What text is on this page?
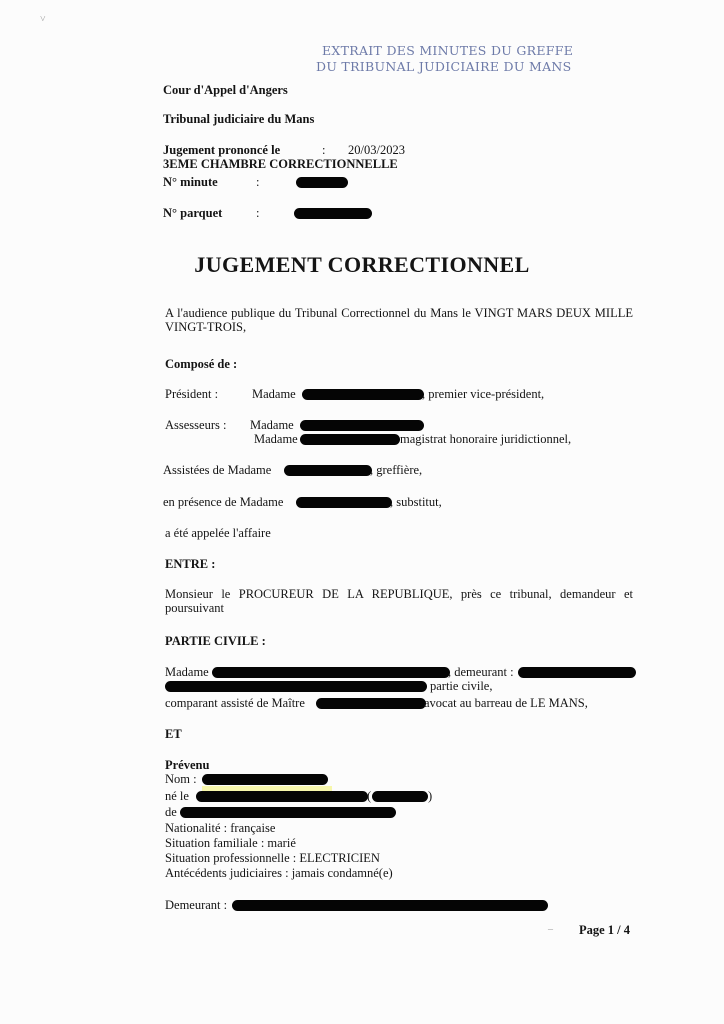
˅
–
EXTRAIT DES MINUTES DU GREFFE
DU TRIBUNAL JUDICIAIRE DU MANS
Cour d'Appel d'Angers
Tribunal judiciaire du Mans
Jugement prononcé le	: 20/03/2023
3EME CHAMBRE CORRECTIONNELLE
N° minute	:
N° parquet	:
JUGEMENT CORRECTIONNEL
A l'audience publique du Tribunal Correctionnel du Mans le VINGT MARS DEUX MILLE VINGT-TROIS,
Composé de :
Président :	Madame	, premier vice-président,
Assesseurs : Madame
Madame	magistrat honoraire juridictionnel,
Assistées de Madame	, greffière,
en présence de Madame	, substitut,
a été appelée l'affaire
ENTRE :
Monsieur le PROCUREUR DE LA REPUBLIQUE, près ce tribunal, demandeur et poursuivant
PARTIE CIVILE :
Madame	, demeurant :
partie civile,
comparant assisté de Maître	avocat au barreau de LE MANS,
ET
Prévenu
Nom :
né le	(	)
de
Nationalité : française
Situation familiale : marié
Situation professionnelle : ELECTRICIEN
Antécédents judiciaires : jamais condamné(e)
Demeurant :
Page 1 / 4
